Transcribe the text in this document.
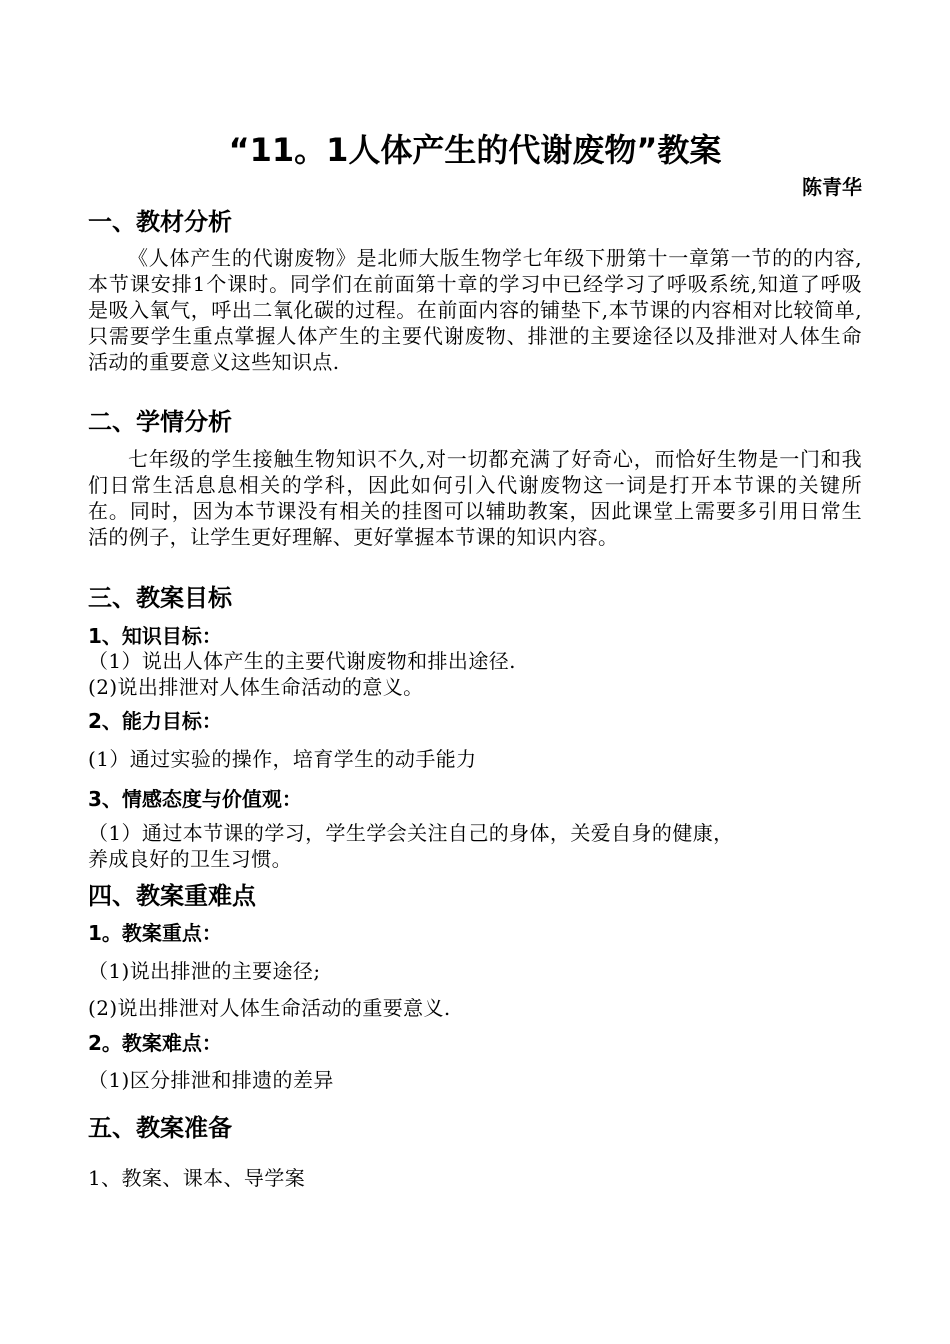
“11。1人体产生的代谢废物”教案
陈青华
一、教材分析
《人体产生的代谢废物》是北师大版生物学七年级下册第十一章第一节的的内容,本节课安排1个课时。同学们在前面第十章的学习中已经学习了呼吸系统,知道了呼吸是吸入氧气，呼出二氧化碳的过程。在前面内容的铺垫下,本节课的内容相对比较简单,只需要学生重点掌握人体产生的主要代谢废物、排泄的主要途径以及排泄对人体生命活动的重要意义这些知识点.
二、学情分析
七年级的学生接触生物知识不久,对一切都充满了好奇心，而恰好生物是一门和我们日常生活息息相关的学科，因此如何引入代谢废物这一词是打开本节课的关键所在。同时，因为本节课没有相关的挂图可以辅助教案，因此课堂上需要多引用日常生活的例子，让学生更好理解、更好掌握本节课的知识内容。
三、教案目标
1、知识目标：
（1）说出人体产生的主要代谢废物和排出途径.
(2)说出排泄对人体生命活动的意义。
2、能力目标：
(1）通过实验的操作，培育学生的动手能力
3、情感态度与价值观：
（1）通过本节课的学习，学生学会关注自己的身体，关爱自身的健康，
养成良好的卫生习惯。
四、教案重难点
1。教案重点：
（1)说出排泄的主要途径;
(2)说出排泄对人体生命活动的重要意义.
2。教案难点：
（1)区分排泄和排遗的差异
五、教案准备
1、教案、课本、导学案
